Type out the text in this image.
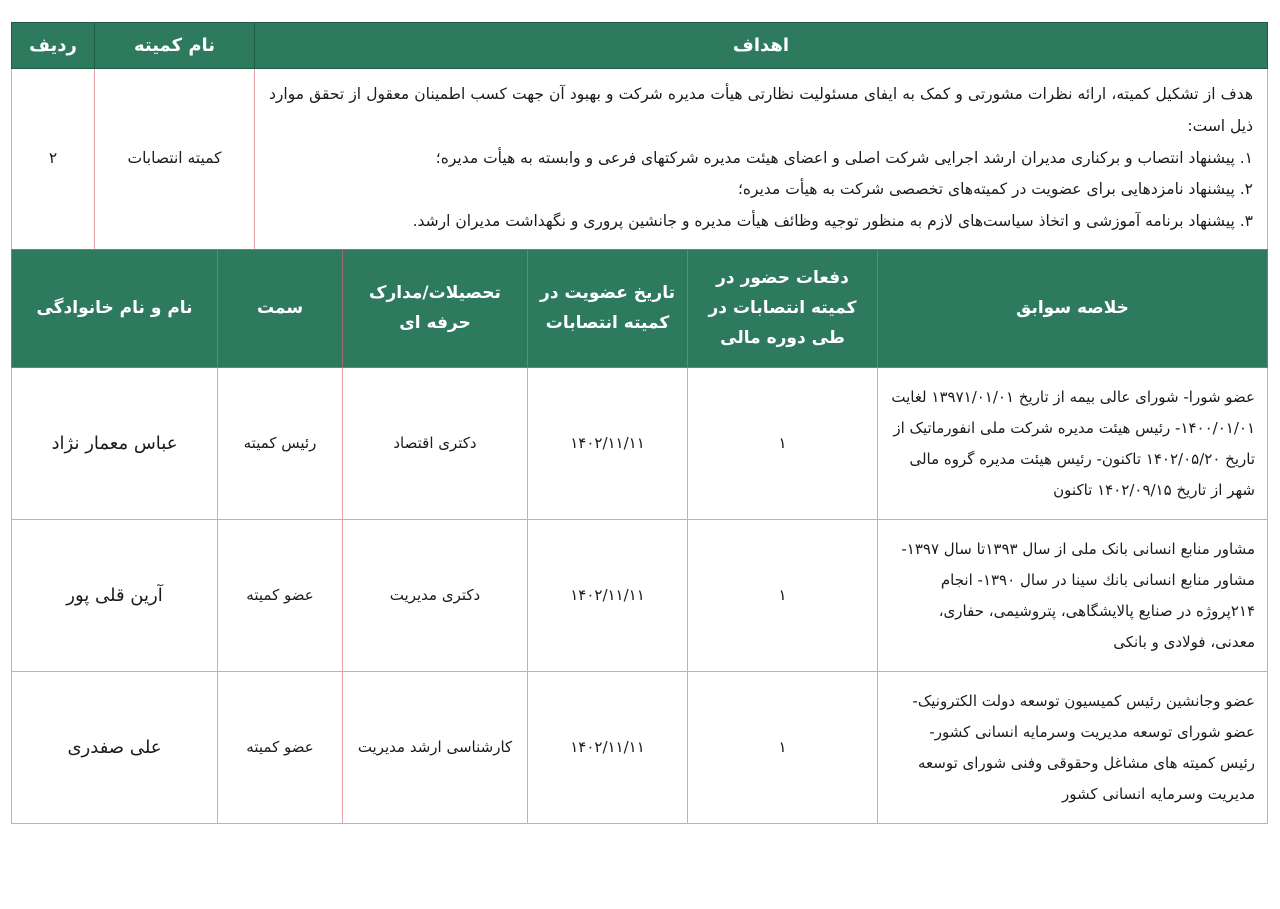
اهداف	نام کمیته	ردیف

هدف از تشکیل کمیته، ارائه نظرات مشورتی و کمک به ایفای مسئولیت نظارتی هیأت مدیره شرکت و بهبود آن جهت کسب اطمینان معقول از تحقق موارد ذیل است:
۱. پیشنهاد انتصاب و برکناری مدیران ارشد اجرایی شرکت اصلی و اعضای هیئت مدیره شرکتهای فرعی و وابسته به هیأت مدیره؛
۲. پیشنهاد نامزدهایی برای عضویت در کمیته‌های تخصصی شرکت به هیأت مدیره؛
۳. پیشنهاد برنامه آموزشی و اتخاذ سیاست‌های لازم به منظور توجیه وظائف هیأت مدیره و جانشین پروری و نگهداشت مدیران ارشد.	کمیته انتصابات	۲
خلاصه سوابق	دفعات حضور در کمیته انتصابات در طی دوره مالی	تاریخ عضویت در کمیته انتصابات	تحصیلات/مدارک حرفه ای	سمت	نام و نام خانوادگی
عضو شورا- شورای عالی بیمه از تاریخ ۱۳۹۷۱/۰۱/۰۱ لغایت ۱۴۰۰/۰۱/۰۱- رئیس هیئت مدیره شرکت ملی انفورماتیک از تاریخ ۱۴۰۲/۰۵/۲۰ تاکنون- رئیس هیئت مدیره گروه مالی شهر از تاریخ ۱۴۰۲/۰۹/۱۵ تاکنون	۱	۱۴۰۲/۱۱/۱۱	دکتری اقتصاد	رئیس کمیته	عباس معمار نژاد
مشاور منابع انسانی بانک ملی از سال ۱۳۹۳تا سال ۱۳۹۷- مشاور منابع انسانی بانك سینا در سال ۱۳۹۰- انجام ۲۱۴پروژه در صنایع پالایشگاهی، پتروشیمی، حفاری، معدنی، فولادی و بانکی	۱	۱۴۰۲/۱۱/۱۱	دکتری مدیریت	عضو کمیته	آرین قلی پور
عضو وجانشین رئیس کمیسیون توسعه دولت الکترونیک- عضو شورای توسعه مدیریت وسرمایه انسانی کشور- رئیس کمیته های مشاغل وحقوقی وفنی شورای توسعه مدیریت وسرمایه انسانی کشور	۱	۱۴۰۲/۱۱/۱۱	کارشناسی ارشد مدیریت	عضو کمیته	علی صفدری
